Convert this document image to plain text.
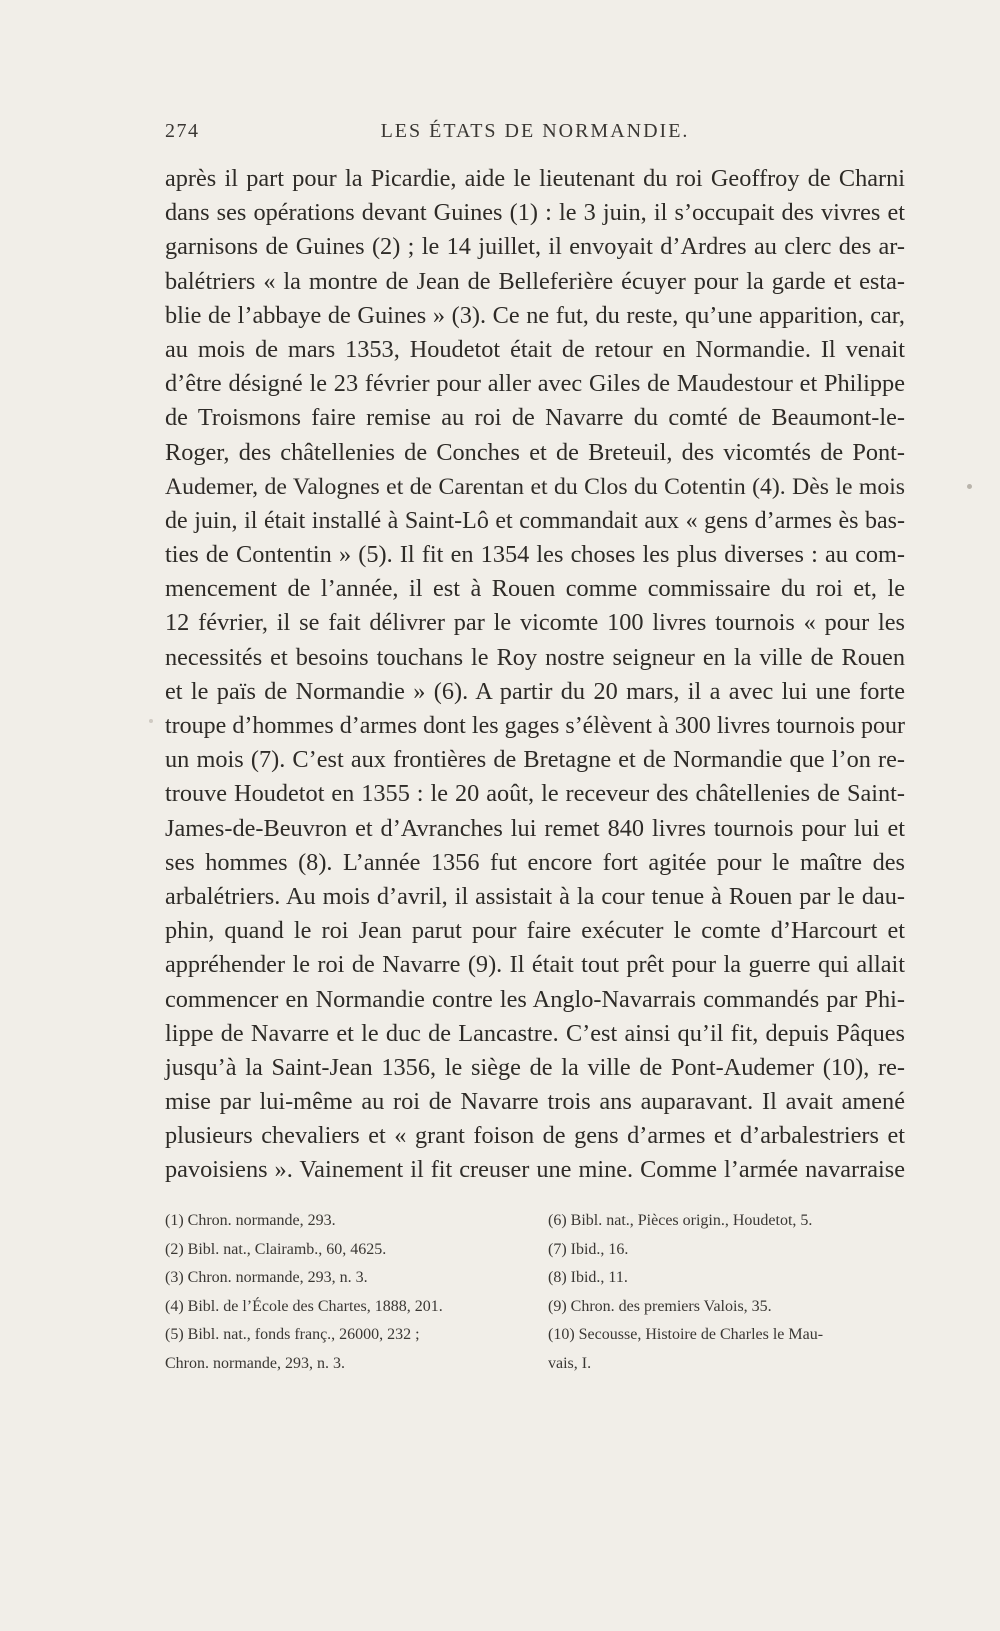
274	LES ÉTATS DE NORMANDIE.
après il part pour la Picardie, aide le lieutenant du roi Geoffroy de Charni
dans ses opérations devant Guines (1) : le 3 juin, il s’occupait des vivres et
garnisons de Guines (2) ; le 14 juillet, il envoyait d’Ardres au clerc des ar-
balétriers « la montre de Jean de Belleferière écuyer pour la garde et esta-
blie de l’abbaye de Guines » (3). Ce ne fut, du reste, qu’une apparition, car,
au mois de mars 1353, Houdetot était de retour en Normandie. Il venait
d’être désigné le 23 février pour aller avec Giles de Maudestour et Philippe
de Troismons faire remise au roi de Navarre du comté de Beaumont-le-
Roger, des châtellenies de Conches et de Breteuil, des vicomtés de Pont-
Audemer, de Valognes et de Carentan et du Clos du Cotentin (4). Dès le mois
de juin, il était installé à Saint-Lô et commandait aux « gens d’armes ès bas-
ties de Contentin » (5). Il fit en 1354 les choses les plus diverses : au com-
mencement de l’année, il est à Rouen comme commissaire du roi et, le
12 février, il se fait délivrer par le vicomte 100 livres tournois « pour les
necessités et besoins touchans le Roy nostre seigneur en la ville de Rouen
et le païs de Normandie » (6). A partir du 20 mars, il a avec lui une forte
troupe d’hommes d’armes dont les gages s’élèvent à 300 livres tournois pour
un mois (7). C’est aux frontières de Bretagne et de Normandie que l’on re-
trouve Houdetot en 1355 : le 20 août, le receveur des châtellenies de Saint-
James-de-Beuvron et d’Avranches lui remet 840 livres tournois pour lui et
ses hommes (8). L’année 1356 fut encore fort agitée pour le maître des
arbalétriers. Au mois d’avril, il assistait à la cour tenue à Rouen par le dau-
phin, quand le roi Jean parut pour faire exécuter le comte d’Harcourt et
appréhender le roi de Navarre (9). Il était tout prêt pour la guerre qui allait
commencer en Normandie contre les Anglo-Navarrais commandés par Phi-
lippe de Navarre et le duc de Lancastre. C’est ainsi qu’il fit, depuis Pâques
jusqu’à la Saint-Jean 1356, le siège de la ville de Pont-Audemer (10), re-
mise par lui-même au roi de Navarre trois ans auparavant. Il avait amené
plusieurs chevaliers et « grant foison de gens d’armes et d’arbalestriers et
pavoisiens ». Vainement il fit creuser une mine. Comme l’armée navarraise
(1) Chron. normande, 293.
(2) Bibl. nat., Clairamb., 60, 4625.
(3) Chron. normande, 293, n. 3.
(4) Bibl. de l’École des Chartes, 1888, 201.
(5) Bibl. nat., fonds franç., 26000, 232 ;
Chron. normande, 293, n. 3.
(6) Bibl. nat., Pièces origin., Houdetot, 5.
(7) Ibid., 16.
(8) Ibid., 11.
(9) Chron. des premiers Valois, 35.
(10) Secousse, Histoire de Charles le Mau-
vais, I.
